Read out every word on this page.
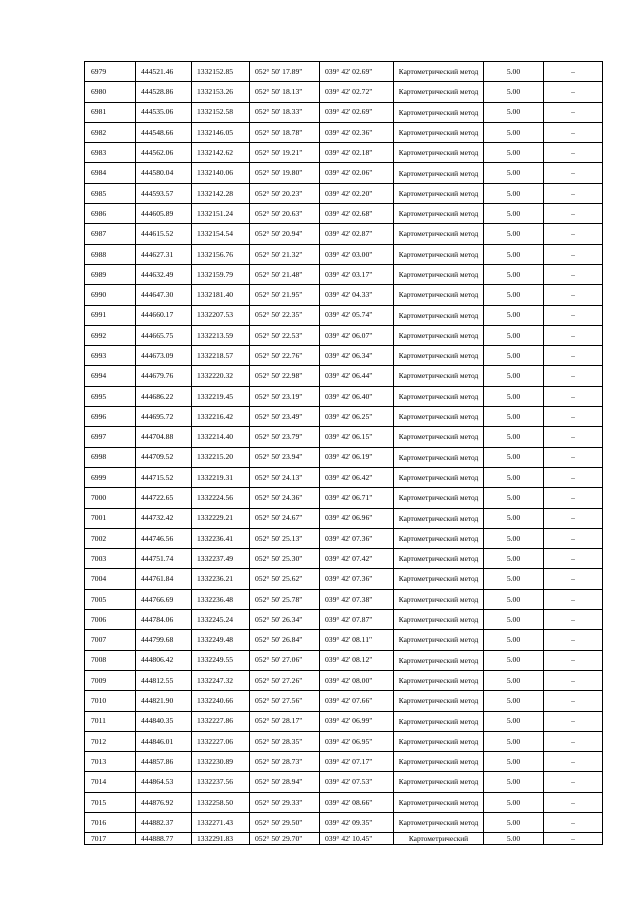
6979	444521.46	1332152.85	052° 50' 17.89"	039° 42' 02.69"	Картометрический метод	5.00	–
6980	444528.86	1332153.26	052° 50' 18.13"	039° 42' 02.72"	Картометрический метод	5.00	–
6981	444535.06	1332152.58	052° 50' 18.33"	039° 42' 02.69"	Картометрический метод	5.00	–
6982	444548.66	1332146.05	052° 50' 18.78"	039° 42' 02.36"	Картометрический метод	5.00	–
6983	444562.06	1332142.62	052° 50' 19.21"	039° 42' 02.18"	Картометрический метод	5.00	–
6984	444580.04	1332140.06	052° 50' 19.80"	039° 42' 02.06"	Картометрический метод	5.00	–
6985	444593.57	1332142.28	052° 50' 20.23"	039° 42' 02.20"	Картометрический метод	5.00	–
6986	444605.89	1332151.24	052° 50' 20.63"	039° 42' 02.68"	Картометрический метод	5.00	–
6987	444615.52	1332154.54	052° 50' 20.94"	039° 42' 02.87"	Картометрический метод	5.00	–
6988	444627.31	1332156.76	052° 50' 21.32"	039° 42' 03.00"	Картометрический метод	5.00	–
6989	444632.49	1332159.79	052° 50' 21.48"	039° 42' 03.17"	Картометрический метод	5.00	–
6990	444647.30	1332181.40	052° 50' 21.95"	039° 42' 04.33"	Картометрический метод	5.00	–
6991	444660.17	1332207.53	052° 50' 22.35"	039° 42' 05.74"	Картометрический метод	5.00	–
6992	444665.75	1332213.59	052° 50' 22.53"	039° 42' 06.07"	Картометрический метод	5.00	–
6993	444673.09	1332218.57	052° 50' 22.76"	039° 42' 06.34"	Картометрический метод	5.00	–
6994	444679.76	1332220.32	052° 50' 22.98"	039° 42' 06.44"	Картометрический метод	5.00	–
6995	444686.22	1332219.45	052° 50' 23.19"	039° 42' 06.40"	Картометрический метод	5.00	–
6996	444695.72	1332216.42	052° 50' 23.49"	039° 42' 06.25"	Картометрический метод	5.00	–
6997	444704.88	1332214.40	052° 50' 23.79"	039° 42' 06.15"	Картометрический метод	5.00	–
6998	444709.52	1332215.20	052° 50' 23.94"	039° 42' 06.19"	Картометрический метод	5.00	–
6999	444715.52	1332219.31	052° 50' 24.13"	039° 42' 06.42"	Картометрический метод	5.00	–
7000	444722.65	1332224.56	052° 50' 24.36"	039° 42' 06.71"	Картометрический метод	5.00	–
7001	444732.42	1332229.21	052° 50' 24.67"	039° 42' 06.96"	Картометрический метод	5.00	–
7002	444746.56	1332236.41	052° 50' 25.13"	039° 42' 07.36"	Картометрический метод	5.00	–
7003	444751.74	1332237.49	052° 50' 25.30"	039° 42' 07.42"	Картометрический метод	5.00	–
7004	444761.84	1332236.21	052° 50' 25.62"	039° 42' 07.36"	Картометрический метод	5.00	–
7005	444766.69	1332236.48	052° 50' 25.78"	039° 42' 07.38"	Картометрический метод	5.00	–
7006	444784.06	1332245.24	052° 50' 26.34"	039° 42' 07.87"	Картометрический метод	5.00	–
7007	444799.68	1332249.48	052° 50' 26.84"	039° 42' 08.11"	Картометрический метод	5.00	–
7008	444806.42	1332249.55	052° 50' 27.06"	039° 42' 08.12"	Картометрический метод	5.00	–
7009	444812.55	1332247.32	052° 50' 27.26"	039° 42' 08.00"	Картометрический метод	5.00	–
7010	444821.90	1332240.66	052° 50' 27.56"	039° 42' 07.66"	Картометрический метод	5.00	–
7011	444840.35	1332227.86	052° 50' 28.17"	039° 42' 06.99"	Картометрический метод	5.00	–
7012	444846.01	1332227.06	052° 50' 28.35"	039° 42' 06.95"	Картометрический метод	5.00	–
7013	444857.86	1332230.89	052° 50' 28.73"	039° 42' 07.17"	Картометрический метод	5.00	–
7014	444864.53	1332237.56	052° 50' 28.94"	039° 42' 07.53"	Картометрический метод	5.00	–
7015	444876.92	1332258.50	052° 50' 29.33"	039° 42' 08.66"	Картометрический метод	5.00	–
7016	444882.37	1332271.43	052° 50' 29.50"	039° 42' 09.35"	Картометрический метод	5.00	–
7017	444888.77	1332291.83	052° 50' 29.70"	039° 42' 10.45"	Картометрический	5.00	–
